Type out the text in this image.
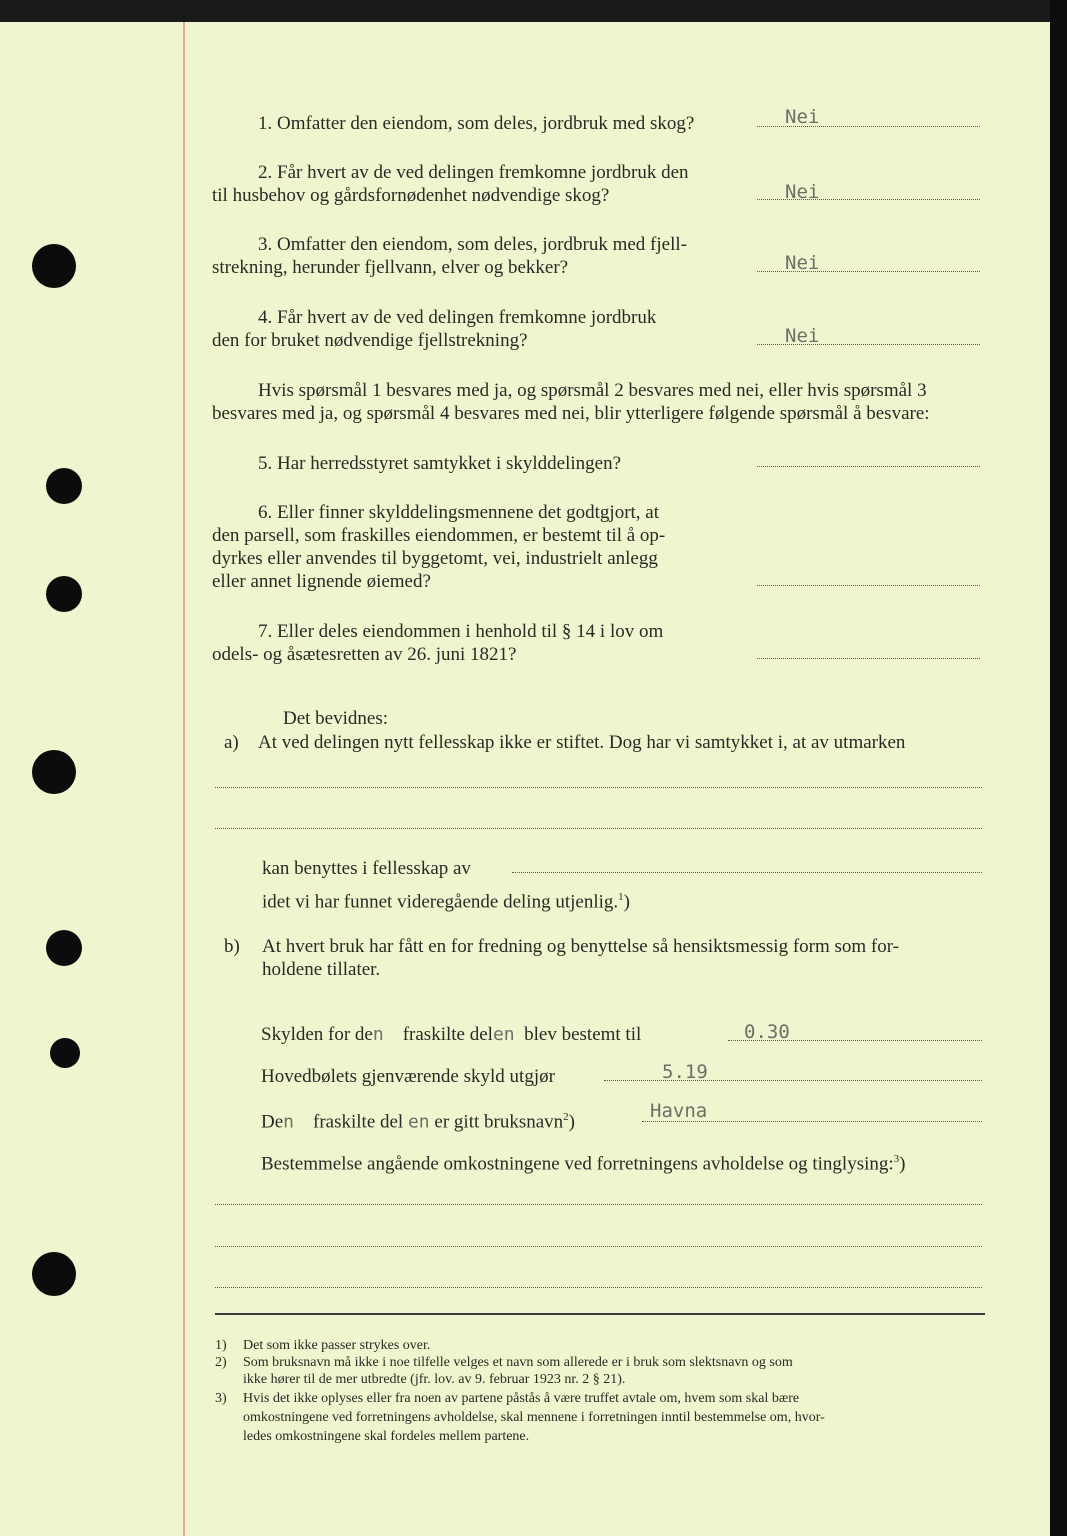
1. Omfatter den eiendom, som deles, jordbruk med skog?	Nei
2. Får hvert av de ved delingen fremkomne jordbruk den
til husbehov og gårdsfornødenhet nødvendige skog?	Nei
3. Omfatter den eiendom, som deles, jordbruk med fjell-
strekning, herunder fjellvann, elver og bekker?	Nei
4. Får hvert av de ved delingen fremkomne jordbruk
den for bruket nødvendige fjellstrekning?	Nei
Hvis spørsmål 1 besvares med ja, og spørsmål 2 besvares med nei, eller hvis spørsmål 3
besvares med ja, og spørsmål 4 besvares med nei, blir ytterligere følgende spørsmål å besvare:
5. Har herredsstyret samtykket i skylddelingen?
6. Eller finner skylddelingsmennene det godtgjort, at
den parsell, som fraskilles eiendommen, er bestemt til å op-
dyrkes eller anvendes til byggetomt, vei, industrielt anlegg
eller annet lignende øiemed?
7. Eller deles eiendommen i henhold til § 14 i lov om
odels- og åsætesretten av 26. juni 1821?
Det bevidnes:
a) At ved delingen nytt fellesskap ikke er stiftet. Dog har vi samtykket i, at av utmarken
kan benyttes i fellesskap av
idet vi har funnet videregående deling utjenlig.$^1$)
b) At hvert bruk har fått en for fredning og benyttelse så hensiktsmessig form som for-
holdene tillater.
Skylden for den fraskilte delen blev bestemt til	0.30
Hovedbølets gjenværende skyld utgjør	5.19
Den fraskilte del en er gitt bruksnavn$^2$)	Havna
Bestemmelse angående omkostningene ved forretningens avholdelse og tinglysing:$^3$)
1) Det som ikke passer strykes over.
2) Som bruksnavn må ikke i noe tilfelle velges et navn som allerede er i bruk som slektsnavn og som
ikke hører til de mer utbredte (jfr. lov. av 9. februar 1923 nr. 2 § 21).
3) Hvis det ikke oplyses eller fra noen av partene påstås å være truffet avtale om, hvem som skal bære
omkostningene ved forretningens avholdelse, skal mennene i forretningen inntil bestemmelse om, hvor-
ledes omkostningene skal fordeles mellem partene.
